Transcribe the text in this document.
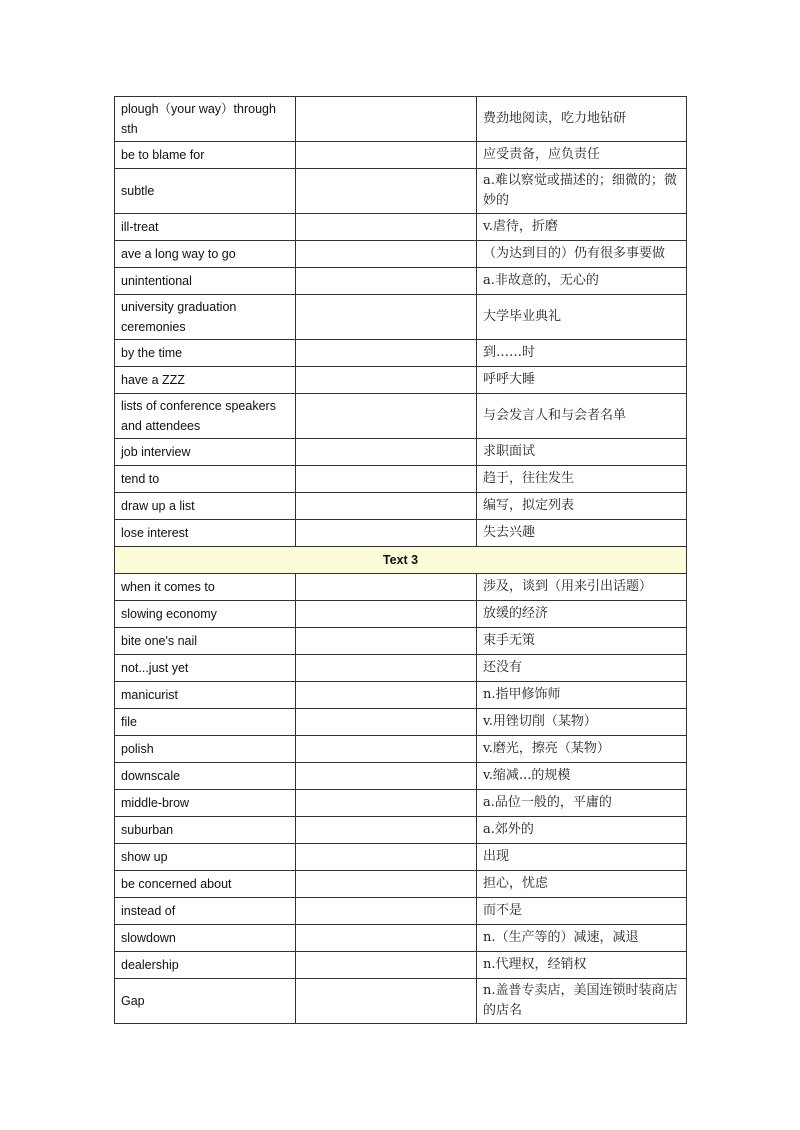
plough（your way）through sth		费劲地阅读，吃力地钻研
be to blame for		应受责备，应负责任
subtle		a.难以察觉或描述的；细微的；微妙的
ill-treat		v.虐待，折磨
ave a long way to go		（为达到目的）仍有很多事要做
unintentional		a.非故意的，无心的
university graduation ceremonies		大学毕业典礼
by the time		到……时
have a ZZZ		呼呼大睡
lists of conference speakers and attendees		与会发言人和与会者名单
job interview		求职面试
tend to		趋于，往往发生
draw up a list		编写，拟定列表
lose interest		失去兴趣
Text 3		
when it comes to		涉及，谈到（用来引出话题）
slowing economy		放缓的经济
bite one's nail		束手无策
not...just yet		还没有
manicurist		n.指甲修饰师
file		v.用锉切削（某物）
polish		v.磨光，擦亮（某物）
downscale		v.缩减...的规模
middle-brow		a.品位一般的，平庸的
suburban		a.郊外的
show up		出现
be concerned about		担心，忧虑
instead of		而不是
slowdown		n.（生产等的）减速，减退
dealership		n.代理权，经销权
Gap		n.盖普专卖店，美国连锁时装商店的店名
